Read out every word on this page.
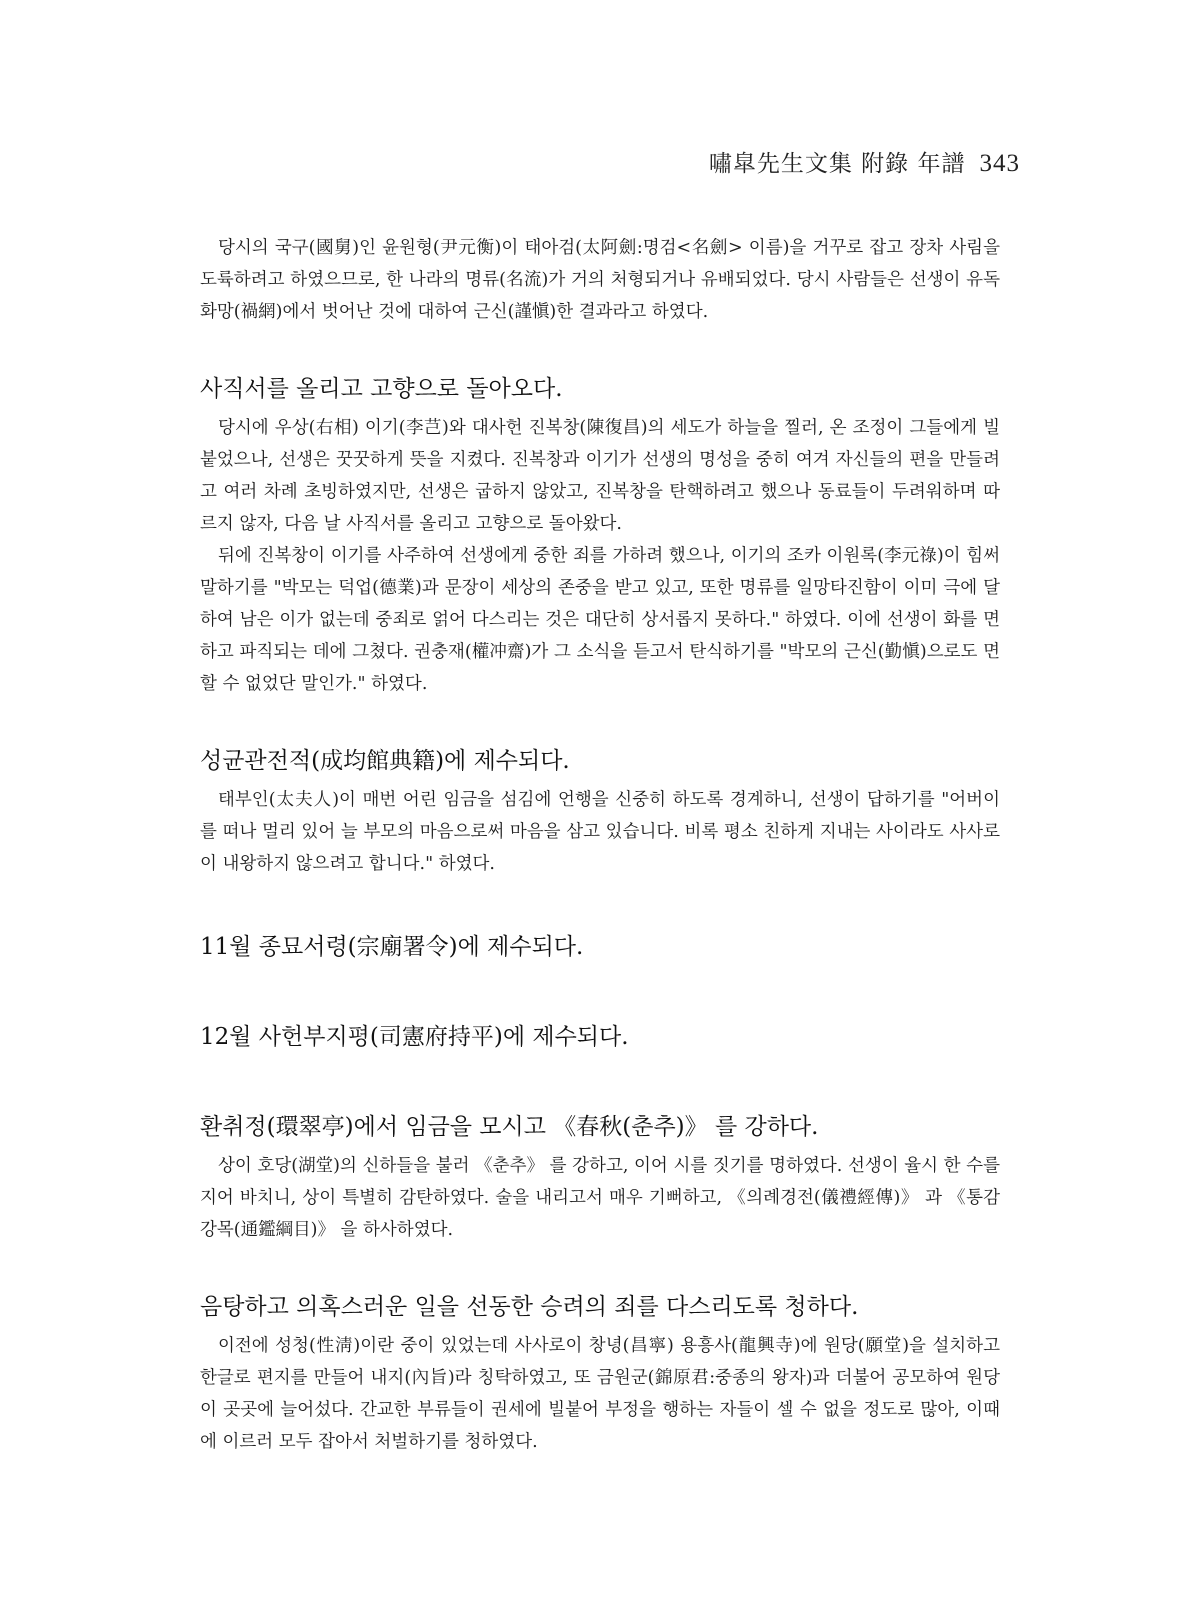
嘯皐先生文集 附錄 年譜 343

당시의 국구(國舅)인 윤원형(尹元衡)이 태아검(太阿劍:명검<名劍> 이름)을 거꾸로 잡고 장차 사림을 도륙하려고 하였으므로, 한 나라의 명류(名流)가 거의 처형되거나 유배되었다. 당시 사람들은 선생이 유독 화망(禍網)에서 벗어난 것에 대하여 근신(謹愼)한 결과라고 하였다.

사직서를 올리고 고향으로 돌아오다.

당시에 우상(右相) 이기(李芑)와 대사헌 진복창(陳復昌)의 세도가 하늘을 찔러, 온 조정이 그들에게 빌붙었으나, 선생은 꿋꿋하게 뜻을 지켰다. 진복창과 이기가 선생의 명성을 중히 여겨 자신들의 편을 만들려고 여러 차례 초빙하였지만, 선생은 굽하지 않았고, 진복창을 탄핵하려고 했으나 동료들이 두려워하며 따르지 않자, 다음 날 사직서를 올리고 고향으로 돌아왔다.

뒤에 진복창이 이기를 사주하여 선생에게 중한 죄를 가하려 했으나, 이기의 조카 이원록(李元祿)이 힘써 말하기를 "박모는 덕업(德業)과 문장이 세상의 존중을 받고 있고, 또한 명류를 일망타진함이 이미 극에 달하여 남은 이가 없는데 중죄로 얽어 다스리는 것은 대단히 상서롭지 못하다." 하였다. 이에 선생이 화를 면하고 파직되는 데에 그쳤다. 권충재(權冲齋)가 그 소식을 듣고서 탄식하기를 "박모의 근신(勤愼)으로도 면할 수 없었단 말인가." 하였다.

성균관전적(成均館典籍)에 제수되다.

태부인(太夫人)이 매번 어린 임금을 섬김에 언행을 신중히 하도록 경계하니, 선생이 답하기를 "어버이를 떠나 멀리 있어 늘 부모의 마음으로써 마음을 삼고 있습니다. 비록 평소 친하게 지내는 사이라도 사사로이 내왕하지 않으려고 합니다." 하였다.

11월 종묘서령(宗廟署令)에 제수되다.
12월 사헌부지평(司憲府持平)에 제수되다.
환취정(環翠亭)에서 임금을 모시고 《春秋(춘추)》 를 강하다.

상이 호당(湖堂)의 신하들을 불러 《춘추》 를 강하고, 이어 시를 짓기를 명하였다. 선생이 율시 한 수를 지어 바치니, 상이 특별히 감탄하였다. 술을 내리고서 매우 기뻐하고, 《의례경전(儀禮經傳)》 과 《통감강목(通鑑綱目)》 을 하사하였다.

음탕하고 의혹스러운 일을 선동한 승려의 죄를 다스리도록 청하다.

이전에 성청(性淸)이란 중이 있었는데 사사로이 창녕(昌寧) 용흥사(龍興寺)에 원당(願堂)을 설치하고 한글로 편지를 만들어 내지(內旨)라 칭탁하였고, 또 금원군(錦原君:중종의 왕자)과 더불어 공모하여 원당이 곳곳에 늘어섰다. 간교한 부류들이 권세에 빌붙어 부정을 행하는 자들이 셀 수 없을 정도로 많아, 이때에 이르러 모두 잡아서 처벌하기를 청하였다.
